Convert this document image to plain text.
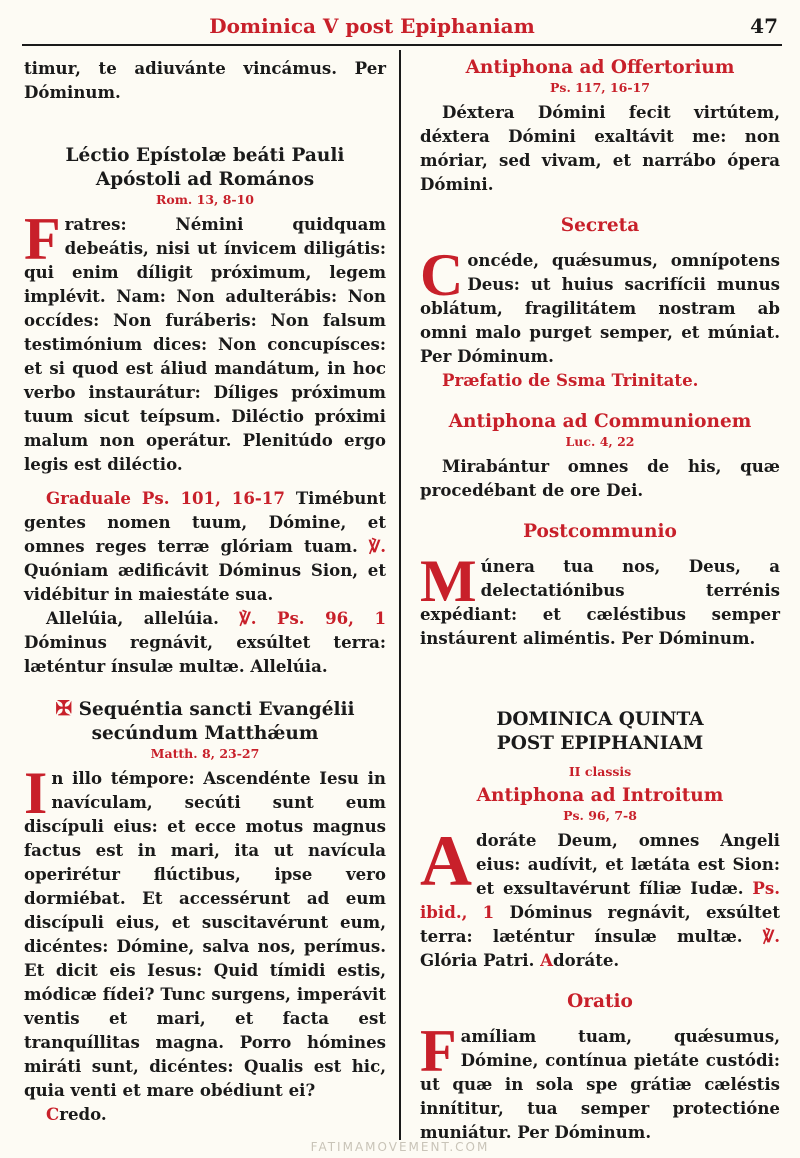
Dominica V post Epiphaniam	47

timur, te adiuvánte vincámus. Per Dóminum.

Léctio Epístolæ beáti Pauli Apóstoli ad Romános
Rom. 13, 8-10

Fratres: Némini quidquam debeátis, nisi ut ínvicem diligátis: qui enim díligit próximum, legem implévit. Nam: Non adulterábis: Non occídes: Non furáberis: Non falsum testimónium dices: Non concupísces: et si quod est áliud mandátum, in hoc verbo instaurátur: Díliges próximum tuum sicut teípsum. Diléctio próximi malum non operátur. Plenitúdo ergo legis est diléctio.

Graduale Ps. 101, 16-17 Timébunt gentes nomen tuum, Dómine, et omnes reges terræ glóriam tuam. ℣. Quóniam ædificávit Dóminus Sion, et vidébitur in maiestáte sua.

Allelúia, allelúia. ℣. Ps. 96, 1 Dóminus regnávit, exsúltet terra: læténtur ínsulæ multæ. Allelúia.

✠ Sequéntia sancti Evangélii secúndum Matthǽum
Matth. 8, 23-27

In illo témpore: Ascendénte Iesu in navículam, secúti sunt eum discípuli eius: et ecce motus magnus factus est in mari, ita ut navícula operirétur flúctibus, ipse vero dormiébat. Et accessérunt ad eum discípuli eius, et suscitavérunt eum, dicéntes: Dómine, salva nos, perímus. Et dicit eis Iesus: Quid tímidi estis, módicæ fídei? Tunc surgens, imperávit ventis et mari, et facta est tranquíllitas magna. Porro hómines miráti sunt, dicéntes: Qualis est hic, quia venti et mare obédiunt ei?

Credo.

Antiphona ad Offertorium
Ps. 117, 16-17

Déxtera Dómini fecit virtútem, déxtera Dómini exaltávit me: non móriar, sed vivam, et narrábo ópera Dómini.

Secreta

Concéde, quǽsumus, omnípotens Deus: ut huius sacrifícii munus oblátum, fragilitátem nostram ab omni malo purget semper, et múniat. Per Dóminum.

Præfatio de Ssma Trinitate.

Antiphona ad Communionem
Luc. 4, 22

Mirabántur omnes de his, quæ procedébant de ore Dei.

Postcommunio

Múnera tua nos, Deus, a delectatiónibus terrénis expédiant: et cæléstibus semper instáurent aliméntis. Per Dóminum.

DOMINICA QUINTA
POST EPIPHANIAM
II classis
Antiphona ad Introitum
Ps. 96, 7-8

Adoráte Deum, omnes Angeli eius: audívit, et lætáta est Sion: et exsultavérunt fíliæ Iudæ. Ps. ibid., 1 Dóminus regnávit, exsúltet terra: læténtur ínsulæ multæ. ℣. Glória Patri. Adoráte.

Oratio

Famíliam tuam, quǽsumus, Dómine, contínua pietáte custódi: ut quæ in sola spe grátiæ cæléstis innítitur, tua semper protectióne muniátur. Per Dóminum.

FATIMAMOVEMENT.COM
